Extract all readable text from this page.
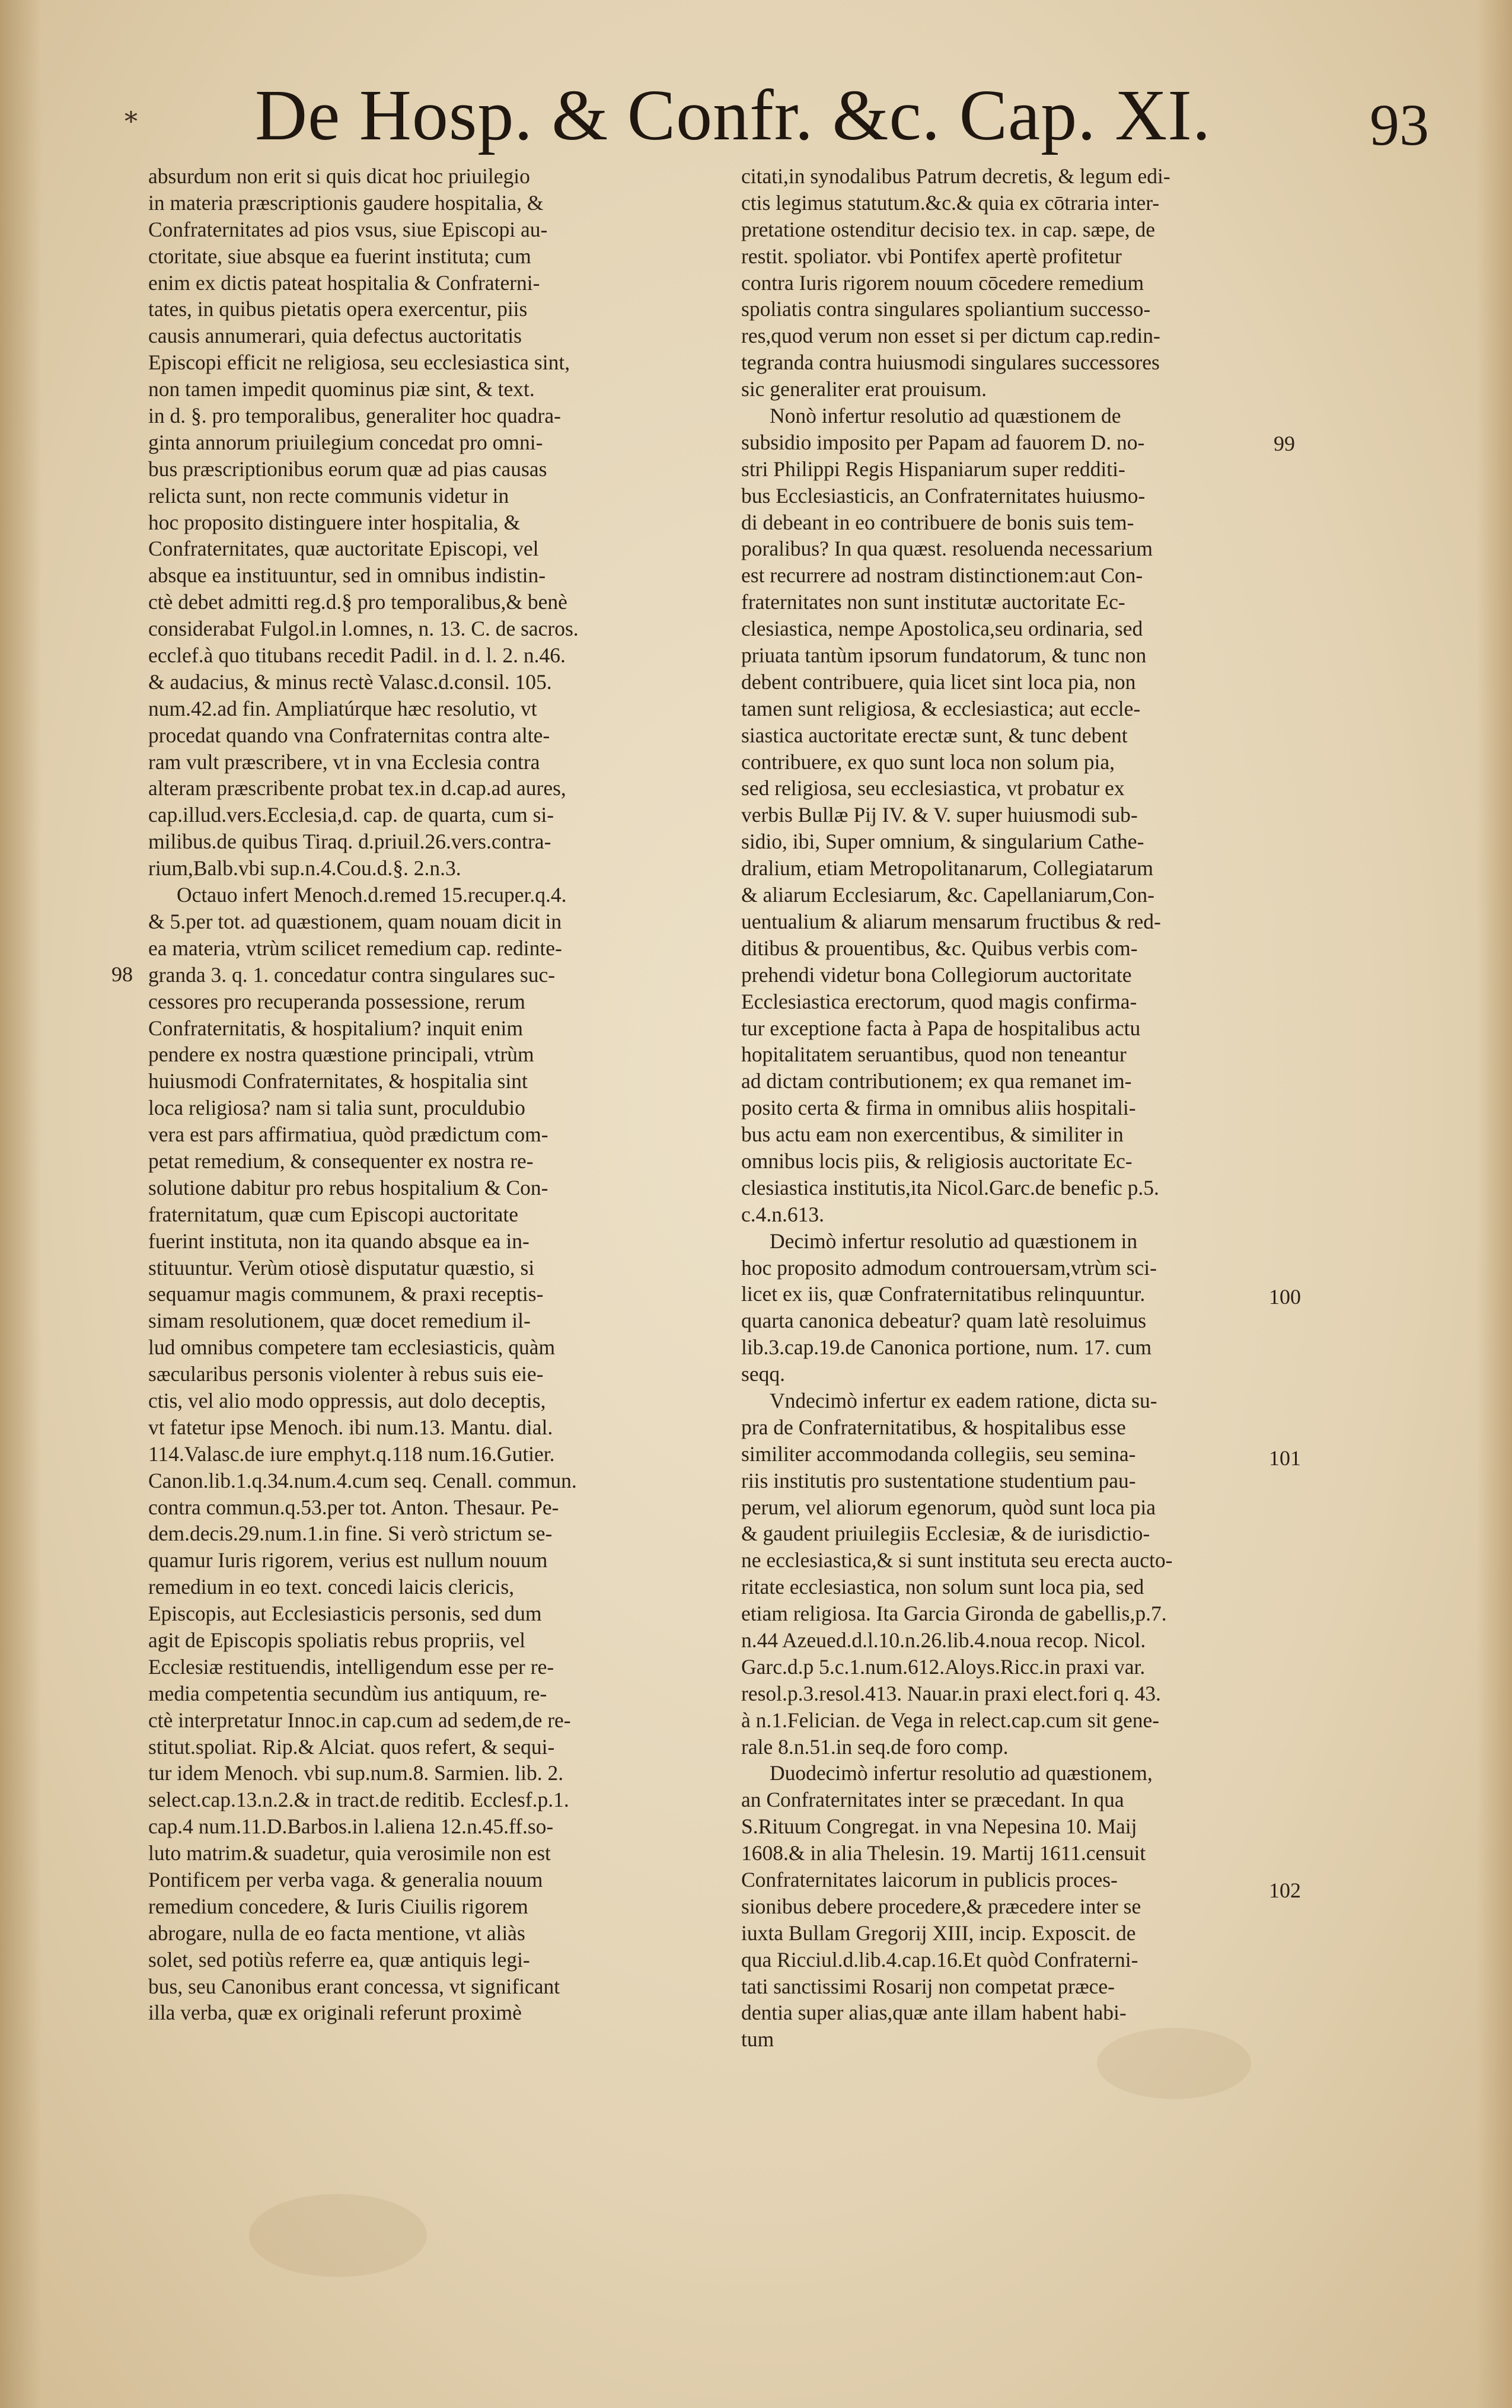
* De Hosp. & Confr. &c. Cap. XI.	93
absurdum non erit si quis dicat hoc priuilegio
in materia præscriptionis gaudere hospitalia, &
Confraternitates ad pios vsus, siue Episcopi au-
ctoritate, siue absque ea fuerint instituta; cum
enim ex dictis pateat hospitalia & Confraterni-
tates, in quibus pietatis opera exercentur, piis
causis annumerari, quia defectus auctoritatis
Episcopi efficit ne religiosa, seu ecclesiastica sint,
non tamen impedit quominus piæ sint, & text.
in d. §. pro temporalibus, generaliter hoc quadra-
ginta annorum priuilegium concedat pro omni-
bus præscriptionibus eorum quæ ad pias causas
relicta sunt, non recte communis videtur in
hoc proposito distinguere inter hospitalia, &
Confraternitates, quæ auctoritate Episcopi, vel
absque ea instituuntur, sed in omnibus indistin-
ctè debet admitti reg.d.§ pro temporalibus,& benè
considerabat Fulgol.in l.omnes, n. 13. C. de sacros.
ecclef.à quo titubans recedit Padil. in d. l. 2. n.46.
& audacius, & minus rectè Valasc.d.consil. 105.
num.42.ad fin. Ampliatúrque hæc resolutio, vt
procedat quando vna Confraternitas contra alte-
ram vult præscribere, vt in vna Ecclesia contra
alteram præscribente probat tex.in d.cap.ad aures,
cap.illud.vers.Ecclesia,d. cap. de quarta, cum si-
milibus.de quibus Tiraq. d.priuil.26.vers.contra-
rium,Balb.vbi sup.n.4.Cou.d.§. 2.n.3.
Octauo infert Menoch.d.remed 15.recuper.q.4.
& 5.per tot. ad quæstionem, quam nouam dicit in
ea materia, vtrùm scilicet remedium cap. redinte-
granda 3. q. 1. concedatur contra singulares suc-
cessores pro recuperanda possessione, rerum
Confraternitatis, & hospitalium? inquit enim
pendere ex nostra quæstione principali, vtrùm
huiusmodi Confraternitates, & hospitalia sint
loca religiosa? nam si talia sunt, proculdubio
vera est pars affirmatiua, quòd prædictum com-
petat remedium, & consequenter ex nostra re-
solutione dabitur pro rebus hospitalium & Con-
fraternitatum, quæ cum Episcopi auctoritate
fuerint instituta, non ita quando absque ea in-
stituuntur. Verùm otiosè disputatur quæstio, si
sequamur magis communem, & praxi receptis-
simam resolutionem, quæ docet remedium il-
lud omnibus competere tam ecclesiasticis, quàm
sæcularibus personis violenter à rebus suis eie-
ctis, vel alio modo oppressis, aut dolo deceptis,
vt fatetur ipse Menoch. ibi num.13. Mantu. dial.
114.Valasc.de iure emphyt.q.118 num.16.Gutier.
Canon.lib.1.q.34.num.4.cum seq. Cenall. commun.
contra commun.q.53.per tot. Anton. Thesaur. Pe-
dem.decis.29.num.1.in fine. Si verò strictum se-
quamur Iuris rigorem, verius est nullum nouum
remedium in eo text. concedi laicis clericis,
Episcopis, aut Ecclesiasticis personis, sed dum
agit de Episcopis spoliatis rebus propriis, vel
Ecclesiæ restituendis, intelligendum esse per re-
media competentia secundùm ius antiquum, re-
ctè interpretatur Innoc.in cap.cum ad sedem,de re-
stitut.spoliat. Rip.& Alciat. quos refert, & sequi-
tur idem Menoch. vbi sup.num.8. Sarmien. lib. 2.
select.cap.13.n.2.& in tract.de reditib. Ecclesf.p.1.
cap.4 num.11.D.Barbos.in l.aliena 12.n.45.ff.so-
luto matrim.& suadetur, quia verosimile non est
Pontificem per verba vaga. & generalia nouum
remedium concedere, & Iuris Ciuilis rigorem
abrogare, nulla de eo facta mentione, vt aliàs
solet, sed potiùs referre ea, quæ antiquis legi-
bus, seu Canonibus erant concessa, vt significant
illa verba, quæ ex originali referunt proximè
citati,in synodalibus Patrum decretis, & legum edi-
ctis legimus statutum.&c.& quia ex cōtraria inter-
pretatione ostenditur decisio tex. in cap. sæpe, de
restit. spoliator. vbi Pontifex apertè profitetur
contra Iuris rigorem nouum cōcedere remedium
spoliatis contra singulares spoliantium successo-
res,quod verum non esset si per dictum cap.redin-
tegranda contra huiusmodi singulares successores
sic generaliter erat prouisum.
Nonò infertur resolutio ad quæstionem de
subsidio imposito per Papam ad fauorem D. no-
stri Philippi Regis Hispaniarum super redditi-
bus Ecclesiasticis, an Confraternitates huiusmo-
di debeant in eo contribuere de bonis suis tem-
poralibus? In qua quæst. resoluenda necessarium
est recurrere ad nostram distinctionem:aut Con-
fraternitates non sunt institutæ auctoritate Ec-
clesiastica, nempe Apostolica,seu ordinaria, sed
priuata tantùm ipsorum fundatorum, & tunc non
debent contribuere, quia licet sint loca pia, non
tamen sunt religiosa, & ecclesiastica; aut eccle-
siastica auctoritate erectæ sunt, & tunc debent
contribuere, ex quo sunt loca non solum pia,
sed religiosa, seu ecclesiastica, vt probatur ex
verbis Bullæ Pij IV. & V. super huiusmodi sub-
sidio, ibi, Super omnium, & singularium Cathe-
dralium, etiam Metropolitanarum, Collegiatarum
& aliarum Ecclesiarum, &c. Capellaniarum,Con-
uentualium & aliarum mensarum fructibus & red-
ditibus & prouentibus, &c. Quibus verbis com-
prehendi videtur bona Collegiorum auctoritate
Ecclesiastica erectorum, quod magis confirma-
tur exceptione facta à Papa de hospitalibus actu
hopitalitatem seruantibus, quod non teneantur
ad dictam contributionem; ex qua remanet im-
posito certa & firma in omnibus aliis hospitali-
bus actu eam non exercentibus, & similiter in
omnibus locis piis, & religiosis auctoritate Ec-
clesiastica institutis,ita Nicol.Garc.de benefic p.5.
c.4.n.613.
Decimò infertur resolutio ad quæstionem in
hoc proposito admodum controuersam,vtrùm sci-
licet ex iis, quæ Confraternitatibus relinquuntur.
quarta canonica debeatur? quam latè resoluimus
lib.3.cap.19.de Canonica portione, num. 17. cum
seqq.
Vndecimò infertur ex eadem ratione, dicta su-
pra de Confraternitatibus, & hospitalibus esse
similiter accommodanda collegiis, seu semina-
riis institutis pro sustentatione studentium pau-
perum, vel aliorum egenorum, quòd sunt loca pia
& gaudent priuilegiis Ecclesiæ, & de iurisdictio-
ne ecclesiastica,& si sunt instituta seu erecta aucto-
ritate ecclesiastica, non solum sunt loca pia, sed
etiam religiosa. Ita Garcia Gironda de gabellis,p.7.
n.44 Azeued.d.l.10.n.26.lib.4.noua recop. Nicol.
Garc.d.p 5.c.1.num.612.Aloys.Ricc.in praxi var.
resol.p.3.resol.413. Nauar.in praxi elect.fori q. 43.
à n.1.Felician. de Vega in relect.cap.cum sit gene-
rale 8.n.51.in seq.de foro comp.
Duodecimò infertur resolutio ad quæstionem,
an Confraternitates inter se præcedant. In qua
S.Rituum Congregat. in vna Nepesina 10. Maij
1608.& in alia Thelesin. 19. Martij 1611.censuit
Confraternitates laicorum in publicis proces-
sionibus debere procedere,& præcedere inter se
iuxta Bullam Gregorij XIII, incip. Exposcit. de
qua Ricciul.d.lib.4.cap.16.Et quòd Confraterni-
tati sanctissimi Rosarij non competat præce-
dentia super alias,quæ ante illam habent habi-
tum
98
99
100
101
102
